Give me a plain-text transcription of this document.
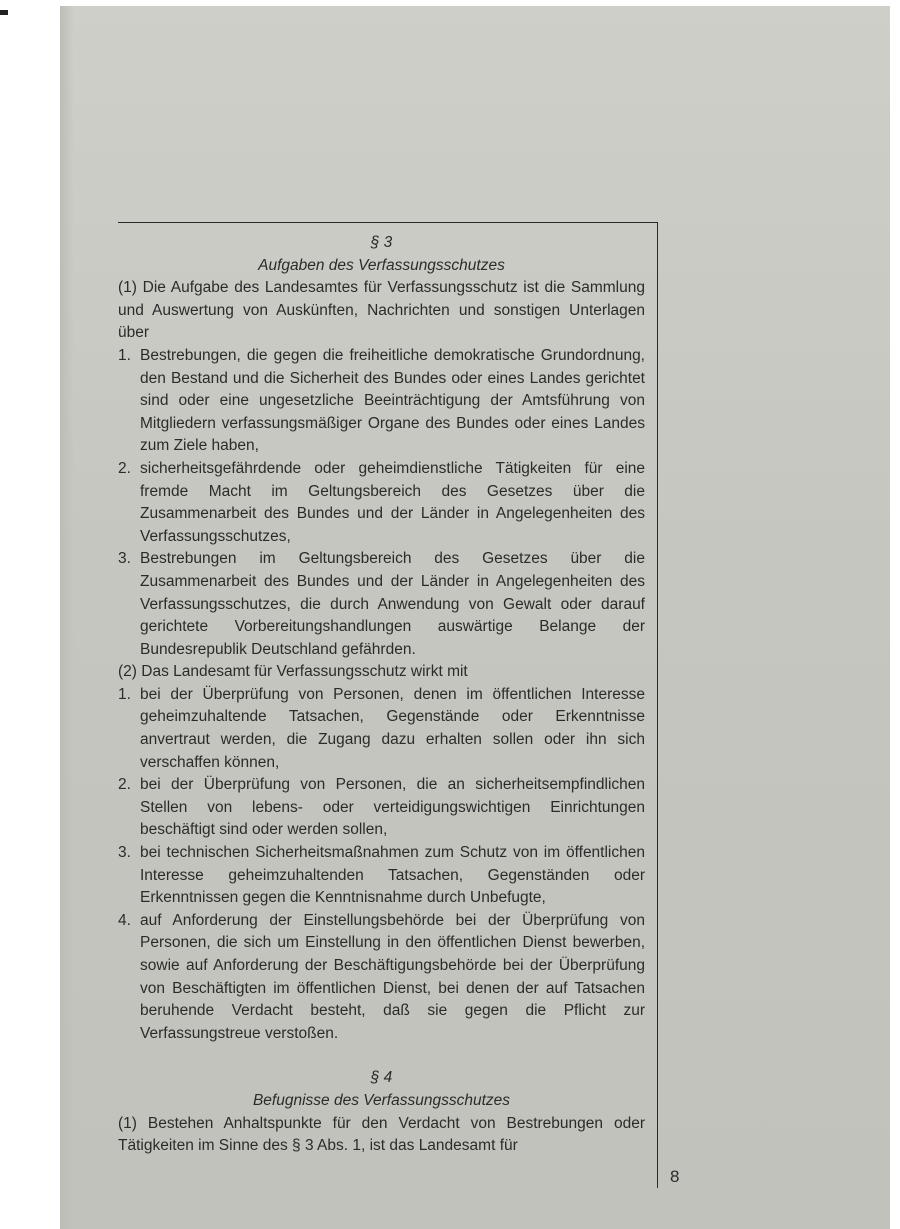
8
§ 3
Aufgaben des Verfassungsschutzes
(1) Die Aufgabe des Landesamtes für Verfassungsschutz ist die Sammlung und Auswertung von Auskünften, Nachrichten und sonstigen Unterlagen über
1. Bestrebungen, die gegen die freiheitliche demokratische Grundordnung, den Bestand und die Sicherheit des Bundes oder eines Landes gerichtet sind oder eine ungesetzliche Beeinträchtigung der Amtsführung von Mitgliedern verfassungsmäßiger Organe des Bundes oder eines Landes zum Ziele haben,
2. sicherheitsgefährdende oder geheimdienstliche Tätigkeiten für eine fremde Macht im Geltungsbereich des Gesetzes über die Zusammenarbeit des Bundes und der Länder in Angelegenheiten des Verfassungsschutzes,
3. Bestrebungen im Geltungsbereich des Gesetzes über die Zusammenarbeit des Bundes und der Länder in Angelegenheiten des Verfassungsschutzes, die durch Anwendung von Gewalt oder darauf gerichtete Vorbereitungshandlungen auswärtige Belange der Bundesrepublik Deutschland gefährden.
(2) Das Landesamt für Verfassungsschutz wirkt mit
1. bei der Überprüfung von Personen, denen im öffentlichen Interesse geheimzuhaltende Tatsachen, Gegenstände oder Erkenntnisse anvertraut werden, die Zugang dazu erhalten sollen oder ihn sich verschaffen können,
2. bei der Überprüfung von Personen, die an sicherheitsempfindlichen Stellen von lebens- oder verteidigungswichtigen Einrichtungen beschäftigt sind oder werden sollen,
3. bei technischen Sicherheitsmaßnahmen zum Schutz von im öffentlichen Interesse geheimzuhaltenden Tatsachen, Gegenständen oder Erkenntnissen gegen die Kenntnisnahme durch Unbefugte,
4. auf Anforderung der Einstellungsbehörde bei der Überprüfung von Personen, die sich um Einstellung in den öffentlichen Dienst bewerben, sowie auf Anforderung der Beschäftigungsbehörde bei der Überprüfung von Beschäftigten im öffentlichen Dienst, bei denen der auf Tatsachen beruhende Verdacht besteht, daß sie gegen die Pflicht zur Verfassungstreue verstoßen.
§ 4
Befugnisse des Verfassungsschutzes
(1) Bestehen Anhaltspunkte für den Verdacht von Bestrebungen oder Tätigkeiten im Sinne des § 3 Abs. 1, ist das Landesamt für
